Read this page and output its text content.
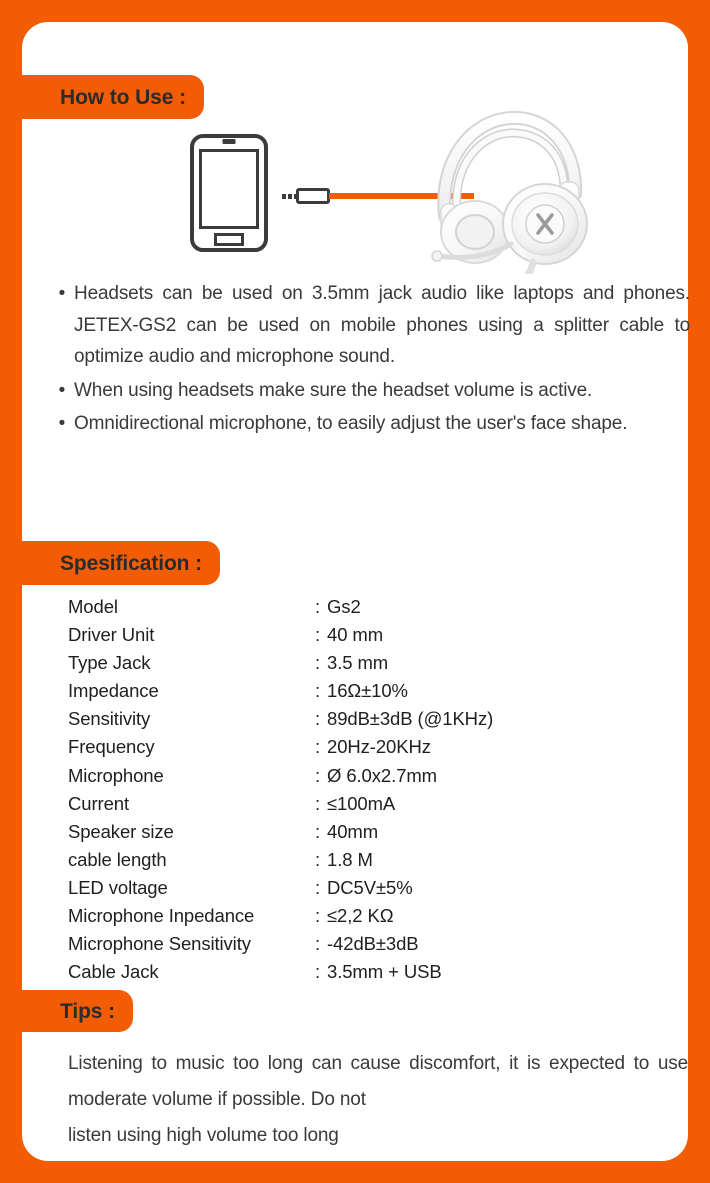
How to Use :
• Headsets can be used on 3.5mm jack audio like laptops and phones. JETEX-GS2 can be used on mobile phones using a splitter cable to optimize audio and microphone sound.
• When using headsets make sure the headset volume is active.
• Omnidirectional microphone, to easily adjust the user's face shape.
Spesification :
Model	: Gs2
Driver Unit	: 40 mm
Type Jack	: 3.5 mm
Impedance	: 16Ω±10%
Sensitivity	: 89dB±3dB (@1KHz)
Frequency	: 20Hz-20KHz
Microphone	: Ø 6.0x2.7mm
Current	: ≤100mA
Speaker size	: 40mm
cable length	: 1.8 M
LED voltage	: DC5V±5%
Microphone Inpedance	: ≤2,2 KΩ
Microphone Sensitivity	: -42dB±3dB
Cable Jack	: 3.5mm + USB
Tips :
Listening to music too long can cause discomfort, it is expected to use moderate volume if possible. Do not
listen using high volume too long
